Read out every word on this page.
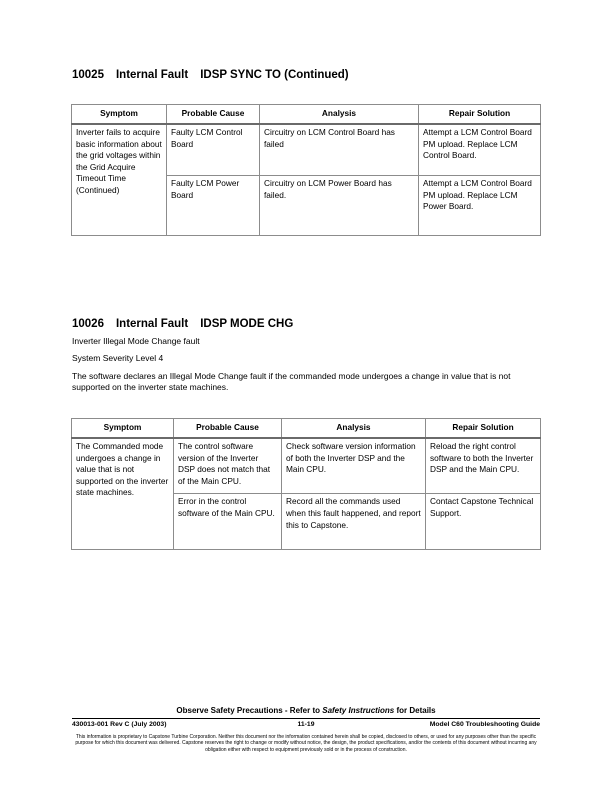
10025 Internal Fault IDSP SYNC TO (Continued)
Symptom	Probable Cause	Analysis	Repair Solution
Inverter fails to acquire basic information about the grid voltages within the Grid Acquire Timeout Time (Continued)	Faulty LCM Control Board	Circuitry on LCM Control Board has failed	Attempt a LCM Control Board PM upload. Replace LCM Control Board.
	Faulty LCM Power Board	Circuitry on LCM Power Board has failed.	Attempt a LCM Control Board PM upload. Replace LCM Power Board.
10026 Internal Fault IDSP MODE CHG
Inverter Illegal Mode Change fault
System Severity Level 4
The software declares an Illegal Mode Change fault if the commanded mode undergoes a change in value that is not supported on the inverter state machines.
Symptom	Probable Cause	Analysis	Repair Solution
The Commanded mode undergoes a change in value that is not supported on the inverter state machines.	The control software version of the Inverter DSP does not match that of the Main CPU.	Check software version information of both the Inverter DSP and the Main CPU.	Reload the right control software to both the Inverter DSP and the Main CPU.
	Error in the control software of the Main CPU.	Record all the commands used when this fault happened, and report this to Capstone.	Contact Capstone Technical Support.
Observe Safety Precautions - Refer to Safety Instructions for Details
430013-001 Rev C (July 2003)	11-19	Model C60 Troubleshooting Guide
This information is proprietary to Capstone Turbine Corporation. Neither this document nor the information contained herein shall be copied, disclosed to others, or used for any purposes other than the specific purpose for which this document was delivered. Capstone reserves the right to change or modify without notice, the design, the product specifications, and/or the contents of this document without incurring any obligation either with respect to equipment previously sold or in the process of construction.
